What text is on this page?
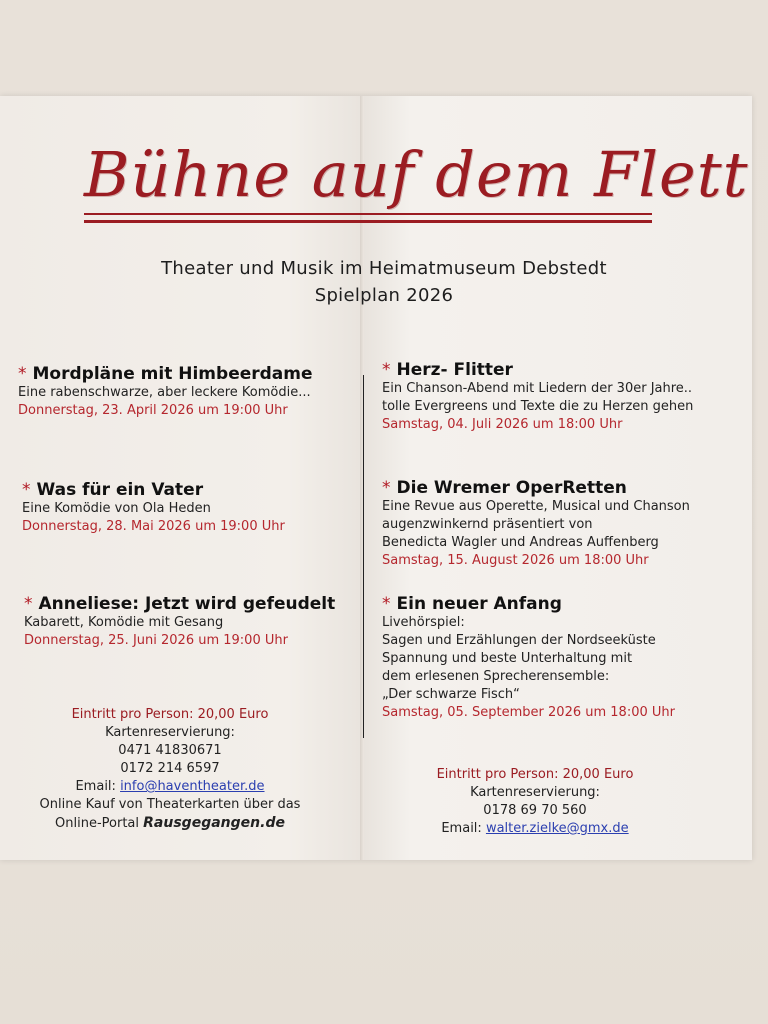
Bühne auf dem Flett
Theater und Musik im Heimatmuseum Debstedt
Spielplan 2026
* Mordpläne mit Himbeerdame
Eine rabenschwarze, aber leckere Komödie...
Donnerstag, 23. April 2026 um 19:00 Uhr
* Was für ein Vater
Eine Komödie von Ola Heden
Donnerstag, 28. Mai 2026 um 19:00 Uhr
* Anneliese: Jetzt wird gefeudelt
Kabarett, Komödie mit Gesang
Donnerstag, 25. Juni 2026 um 19:00 Uhr
* Herz- Flitter
Ein Chanson-Abend mit Liedern der 30er Jahre..
tolle Evergreens und Texte die zu Herzen gehen
Samstag, 04. Juli 2026 um 18:00 Uhr
* Die Wremer OperRetten
Eine Revue aus Operette, Musical und Chanson
augenzwinkernd präsentiert von
Benedicta Wagler und Andreas Auffenberg
Samstag, 15. August 2026 um 18:00 Uhr
* Ein neuer Anfang
Livehörspiel:
Sagen und Erzählungen der Nordseeküste
Spannung und beste Unterhaltung mit
dem erlesenen Sprecherensemble:
„Der schwarze Fisch“
Samstag, 05. September 2026 um 18:00 Uhr
Eintritt pro Person: 20,00 Euro
Kartenreservierung:
0471 41830671
0172 214 6597
Email: info@haventheater.de
Online Kauf von Theaterkarten über das
Online-Portal Rausgegangen.de
Eintritt pro Person: 20,00 Euro
Kartenreservierung:
0178 69 70 560
Email: walter.zielke@gmx.de
